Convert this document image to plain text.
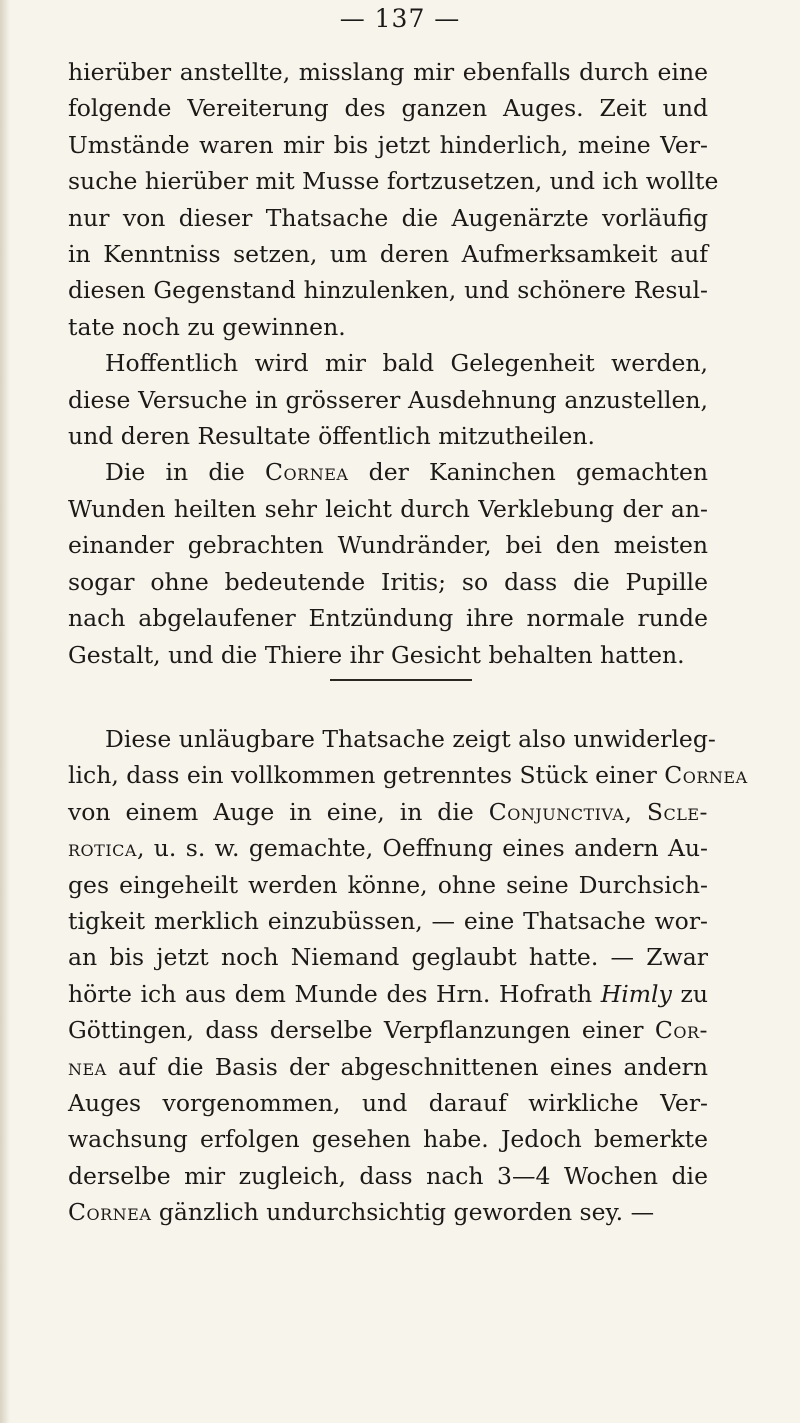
— 137 —
hierüber anstellte, misslang mir ebenfalls durch eine
folgende Vereiterung des ganzen Auges. Zeit und
Umstände waren mir bis jetzt hinderlich, meine Ver-
suche hierüber mit Musse fortzusetzen, und ich wollte
nur von dieser Thatsache die Augenärzte vorläufig
in Kenntniss setzen, um deren Aufmerksamkeit auf
diesen Gegenstand hinzulenken, und schönere Resul-
tate noch zu gewinnen.
Hoffentlich wird mir bald Gelegenheit werden,
diese Versuche in grösserer Ausdehnung anzustellen,
und deren Resultate öffentlich mitzutheilen.
Die in die Cornea der Kaninchen gemachten
Wunden heilten sehr leicht durch Verklebung der an-
einander gebrachten Wundränder, bei den meisten
sogar ohne bedeutende Iritis; so dass die Pupille
nach abgelaufener Entzündung ihre normale runde
Gestalt, und die Thiere ihr Gesicht behalten hatten.
Diese unläugbare Thatsache zeigt also unwiderleg-
lich, dass ein vollkommen getrenntes Stück einer Cornea
von einem Auge in eine, in die Conjunctiva, Scle-
rotica, u. s. w. gemachte, Oeffnung eines andern Au-
ges eingeheilt werden könne, ohne seine Durchsich-
tigkeit merklich einzubüssen, — eine Thatsache wor-
an bis jetzt noch Niemand geglaubt hatte. — Zwar
hörte ich aus dem Munde des Hrn. Hofrath Himly zu
Göttingen, dass derselbe Verpflanzungen einer Cor-
nea auf die Basis der abgeschnittenen eines andern
Auges vorgenommen, und darauf wirkliche Ver-
wachsung erfolgen gesehen habe. Jedoch bemerkte
derselbe mir zugleich, dass nach 3—4 Wochen die
Cornea gänzlich undurchsichtig geworden sey. —
